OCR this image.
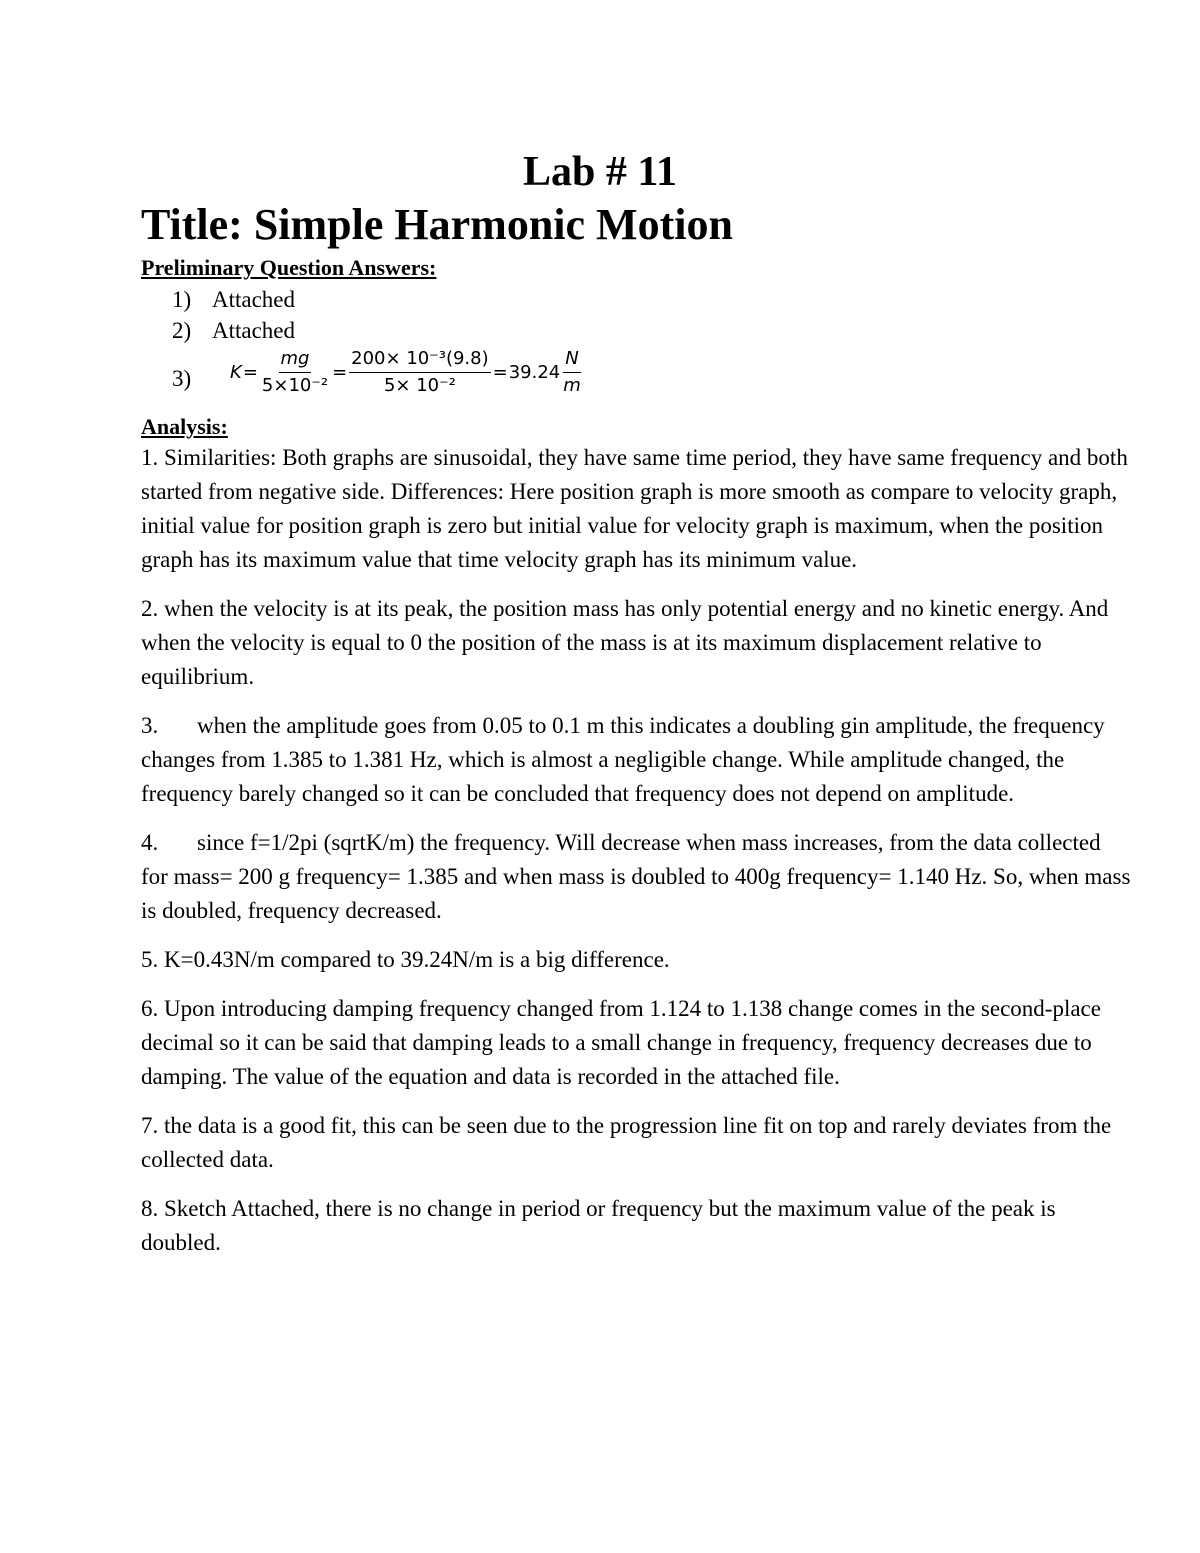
Lab # 11
Title: Simple Harmonic Motion
Preliminary Question Answers:
1) Attached
2) Attached
3) $K = \frac{mg}{\text{5×10⁻²}} = \frac{\text{200× 10⁻³(9.8)}}{\text{5× 10⁻²}} = 39.24 \frac{N}{m}$
Analysis:

1. Similarities: Both graphs are sinusoidal, they have same time period, they have same frequency and both started from negative side. Differences: Here position graph is more smooth as compare to velocity graph, initial value for position graph is zero but initial value for velocity graph is maximum, when the position graph has its maximum value that time velocity graph has its minimum value.

2. when the velocity is at its peak, the position mass has only potential energy and no kinetic energy. And when the velocity is equal to 0 the position of the mass is at its maximum displacement relative to equilibrium.

3. when the amplitude goes from 0.05 to 0.1 m this indicates a doubling gin amplitude, the frequency changes from 1.385 to 1.381 Hz, which is almost a negligible change. While amplitude changed, the frequency barely changed so it can be concluded that frequency does not depend on amplitude.

4. since f=1/2pi (sqrtK/m) the frequency. Will decrease when mass increases, from the data collected for mass= 200 g frequency= 1.385 and when mass is doubled to 400g frequency= 1.140 Hz. So, when mass is doubled, frequency decreased.

5. K=0.43N/m compared to 39.24N/m is a big difference.

6. Upon introducing damping frequency changed from 1.124 to 1.138 change comes in the second-place decimal so it can be said that damping leads to a small change in frequency, frequency decreases due to damping. The value of the equation and data is recorded in the attached file.

7. the data is a good fit, this can be seen due to the progression line fit on top and rarely deviates from the collected data.

8. Sketch Attached, there is no change in period or frequency but the maximum value of the peak is doubled.
